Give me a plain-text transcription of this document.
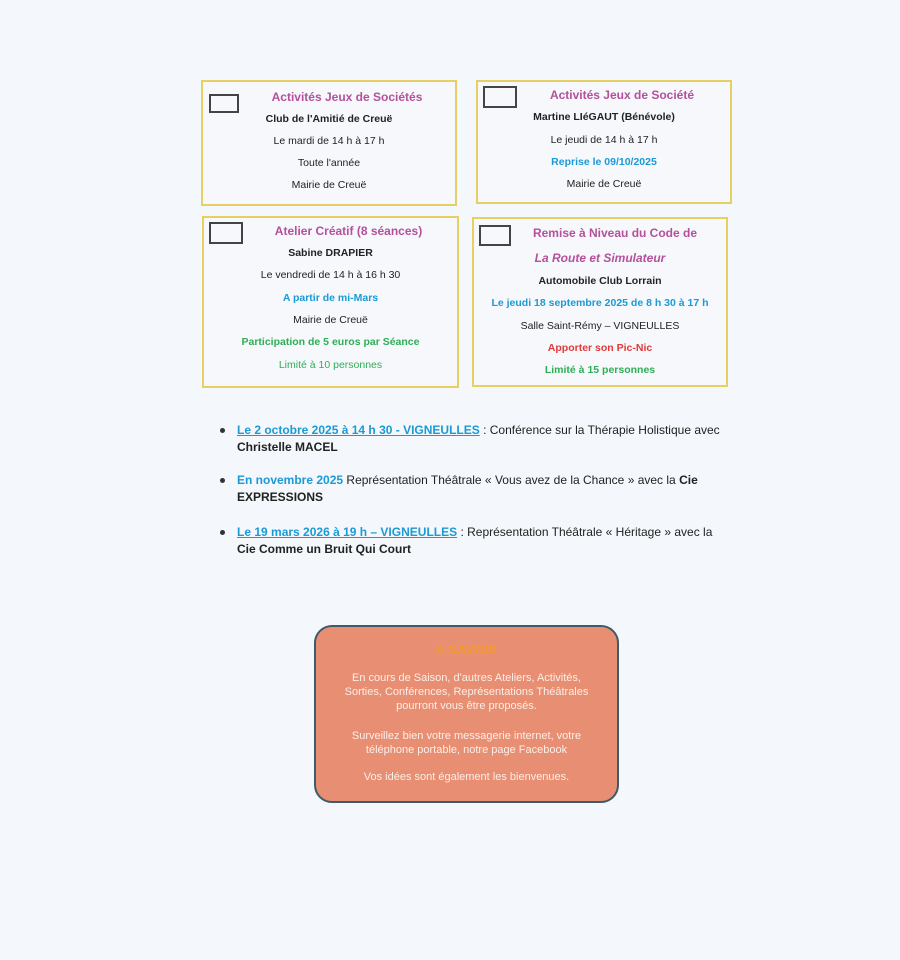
Activités Jeux de Sociétés
Club de l'Amitié de Creuë
Le mardi de 14 h à 17 h
Toute l'année
Mairie de Creuë
Activités Jeux de Société
Martine LIéGAUT (Bénévole)
Le jeudi de 14 h à 17 h
Reprise le 09/10/2025
Mairie de Creuë
Atelier Créatif (8 séances)
Sabine DRAPIER
Le vendredi de 14 h à 16 h 30
A partir de mi-Mars
Mairie de Creuë
Participation de 5 euros par Séance
Limité à 10 personnes
Remise à Niveau du Code de
La Route et Simulateur
Automobile Club Lorrain
Le jeudi 18 septembre 2025 de 8 h 30 à 17 h
Salle Saint-Rémy – VIGNEULLES
Apporter son Pic-Nic
Limité à 15 personnes
Le 2 octobre 2025 à 14 h 30 - VIGNEULLES : Conférence sur la Thérapie Holistique avec Christelle MACEL
En novembre 2025 Représentation Théâtrale « Vous avez de la Chance » avec la Cie EXPRESSIONS
Le 19 mars 2026 à 19 h – VIGNEULLES : Représentation Théâtrale « Héritage » avec la Cie Comme un Bruit Qui Court
A SAVOIR
En cours de Saison, d'autres Ateliers, Activités, Sorties, Conférences, Représentations Théâtrales pourront vous être proposés.
Surveillez bien votre messagerie internet, votre téléphone portable, notre page Facebook
Vos idées sont également les bienvenues.
